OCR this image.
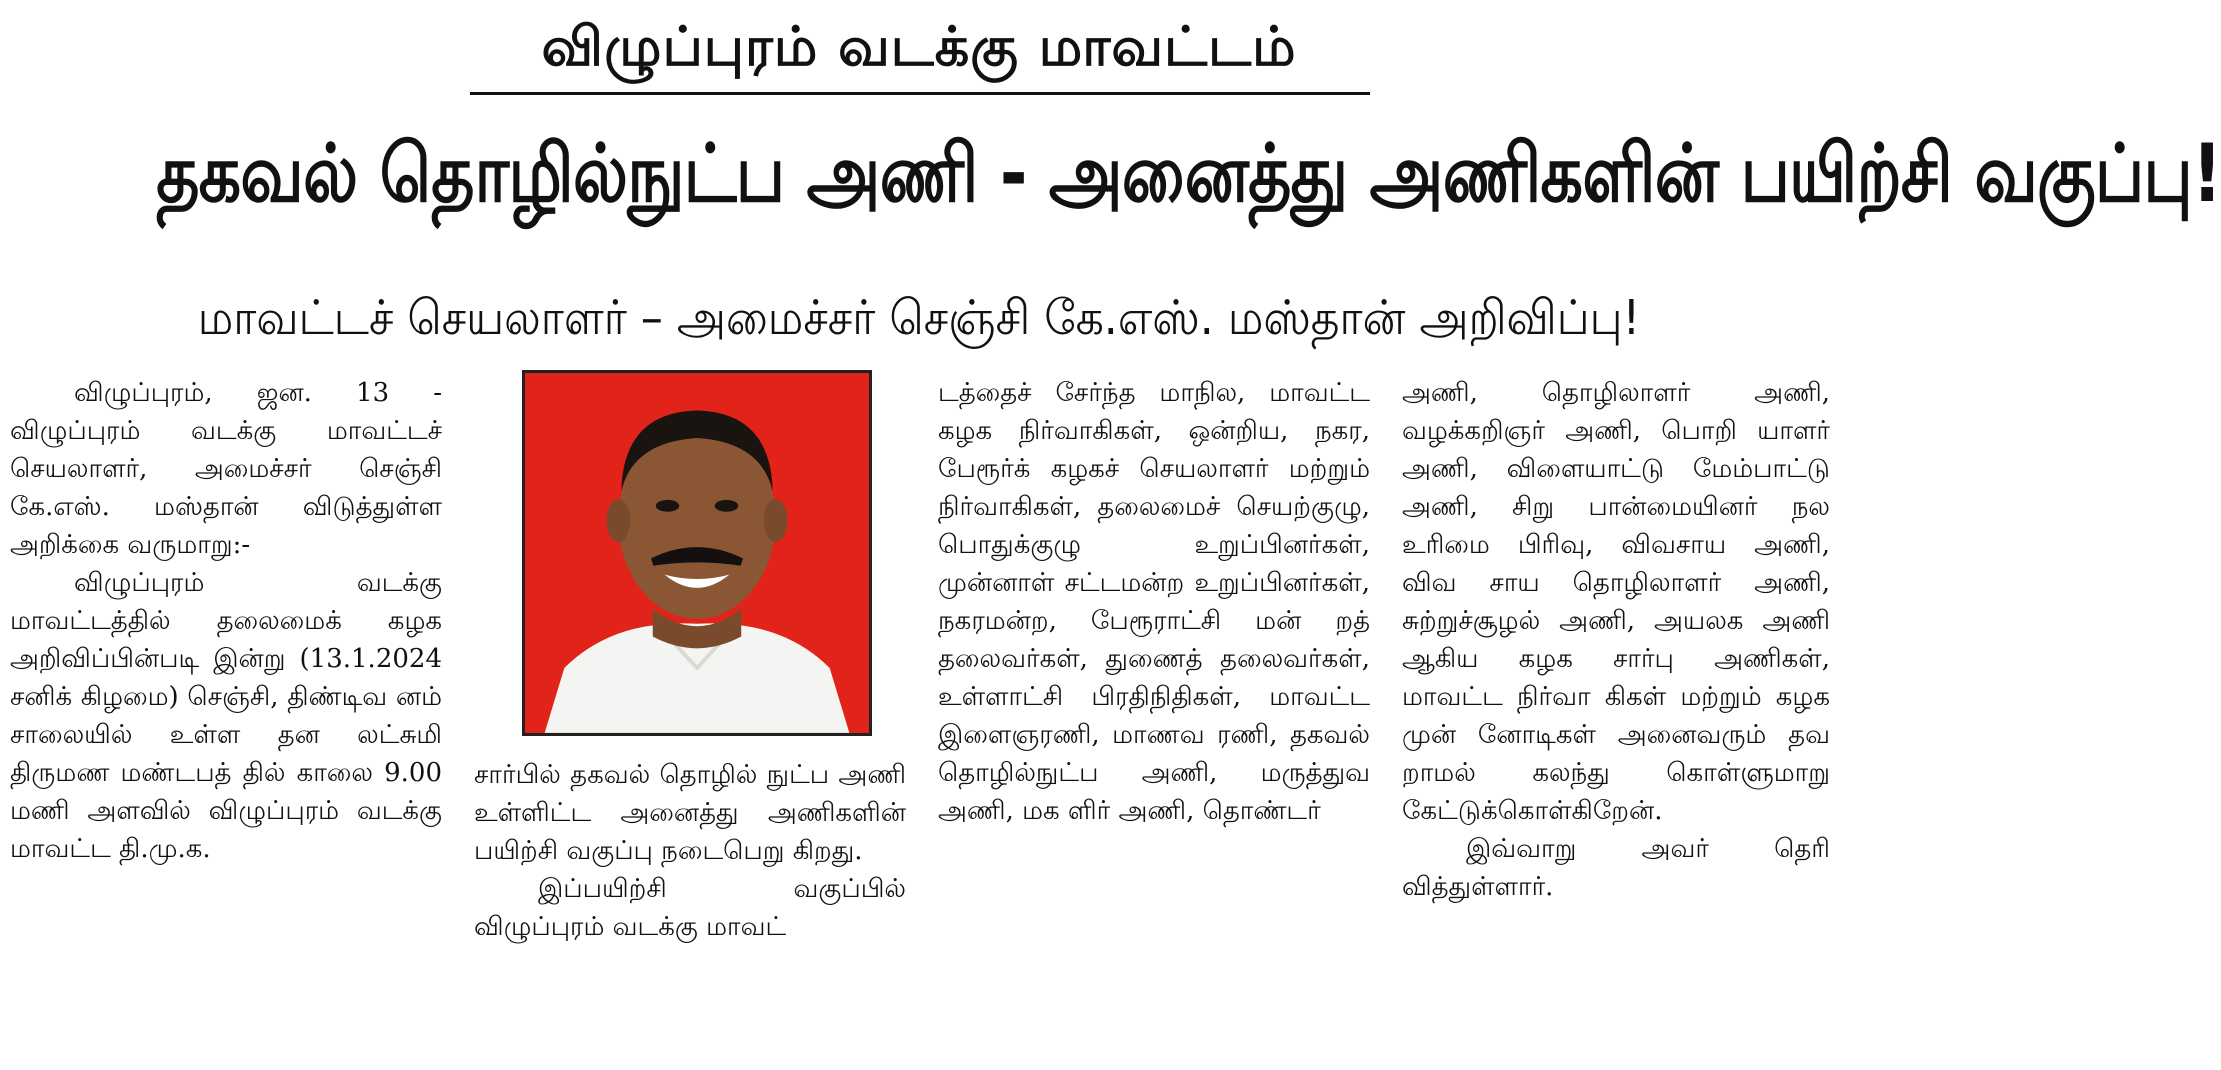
விழுப்புரம் வடக்கு மாவட்டம்
தகவல் தொழில்நுட்ப அணி - அனைத்து அணிகளின் பயிற்சி வகுப்பு!
மாவட்டச் செயலாளர் – அமைச்சர் செஞ்சி கே.எஸ். மஸ்தான் அறிவிப்பு!

விழுப்புரம், ஜன. 13 - விழுப்புரம் வடக்கு மாவட்டச் செயலாளர், அமைச்சர் செஞ்சி கே.எஸ். மஸ்தான் விடுத்துள்ள அறிக்கை வருமாறு:-

விழுப்புரம் வடக்கு மாவட்டத்தில் தலைமைக் கழக அறிவிப்பின்படி இன்று (13.1.2024 சனிக் கிழமை) செஞ்சி, திண்டிவ னம் சாலையில் உள்ள தன லட்சுமி திருமண மண்டபத் தில் காலை 9.00 மணி அளவில் விழுப்புரம் வடக்கு மாவட்ட தி.மு.க.

சார்பில் தகவல் தொழில் நுட்ப அணி உள்ளிட்ட அனைத்து அணிகளின் பயிற்சி வகுப்பு நடைபெறு கிறது.

இப்பயிற்சி வகுப்பில் விழுப்புரம் வடக்கு மாவட்

டத்தைச் சேர்ந்த மாநில, மாவட்ட கழக நிர்வாகிகள், ஒன்றிய, நகர, பேரூர்க் கழகச் செயலாளர் மற்றும் நிர்வாகிகள், தலைமைச் செயற்குழு, பொதுக்குழு உறுப்பினர்கள், முன்னாள் சட்டமன்ற உறுப்பினர்கள், நகரமன்ற, பேரூராட்சி மன் றத் தலைவர்கள், துணைத் தலைவர்கள், உள்ளாட்சி பிரதிநிதிகள், மாவட்ட இளைஞரணி, மாணவ ரணி, தகவல் தொழில்நுட்ப அணி, மருத்துவ அணி, மக ளிர் அணி, தொண்டர்

அணி, தொழிலாளர் அணி, வழக்கறிஞர் அணி, பொறி யாளர் அணி, விளையாட்டு மேம்பாட்டு அணி, சிறு பான்மையினர் நல உரிமை பிரிவு, விவசாய அணி, விவ சாய தொழிலாளர் அணி, சுற்றுச்சூழல் அணி, அயலக அணி ஆகிய கழக சார்பு அணிகள், மாவட்ட நிர்வா கிகள் மற்றும் கழக முன் னோடிகள் அனைவரும் தவ றாமல் கலந்து கொள்ளுமாறு கேட்டுக்கொள்கிறேன்.

இவ்வாறு அவர் தெரி வித்துள்ளார்.
